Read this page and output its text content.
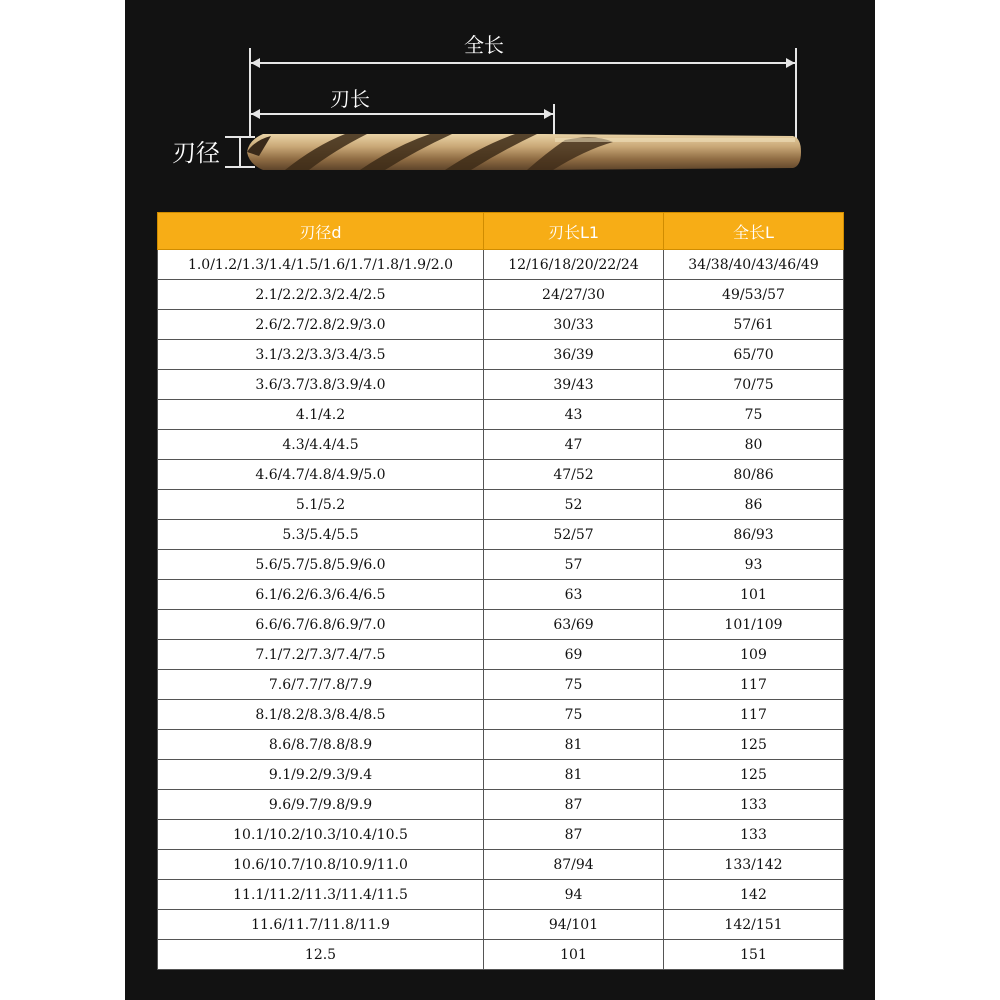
全长
刃长
刃径
刃径d	刃长L1	全长L
1.0/1.2/1.3/1.4/1.5/1.6/1.7/1.8/1.9/2.0	12/16/18/20/22/24	34/38/40/43/46/49
2.1/2.2/2.3/2.4/2.5	24/27/30	49/53/57
2.6/2.7/2.8/2.9/3.0	30/33	57/61
3.1/3.2/3.3/3.4/3.5	36/39	65/70
3.6/3.7/3.8/3.9/4.0	39/43	70/75
4.1/4.2	43	75
4.3/4.4/4.5	47	80
4.6/4.7/4.8/4.9/5.0	47/52	80/86
5.1/5.2	52	86
5.3/5.4/5.5	52/57	86/93
5.6/5.7/5.8/5.9/6.0	57	93
6.1/6.2/6.3/6.4/6.5	63	101
6.6/6.7/6.8/6.9/7.0	63/69	101/109
7.1/7.2/7.3/7.4/7.5	69	109
7.6/7.7/7.8/7.9	75	117
8.1/8.2/8.3/8.4/8.5	75	117
8.6/8.7/8.8/8.9	81	125
9.1/9.2/9.3/9.4	81	125
9.6/9.7/9.8/9.9	87	133
10.1/10.2/10.3/10.4/10.5	87	133
10.6/10.7/10.8/10.9/11.0	87/94	133/142
11.1/11.2/11.3/11.4/11.5	94	142
11.6/11.7/11.8/11.9	94/101	142/151
12.5	101	151
